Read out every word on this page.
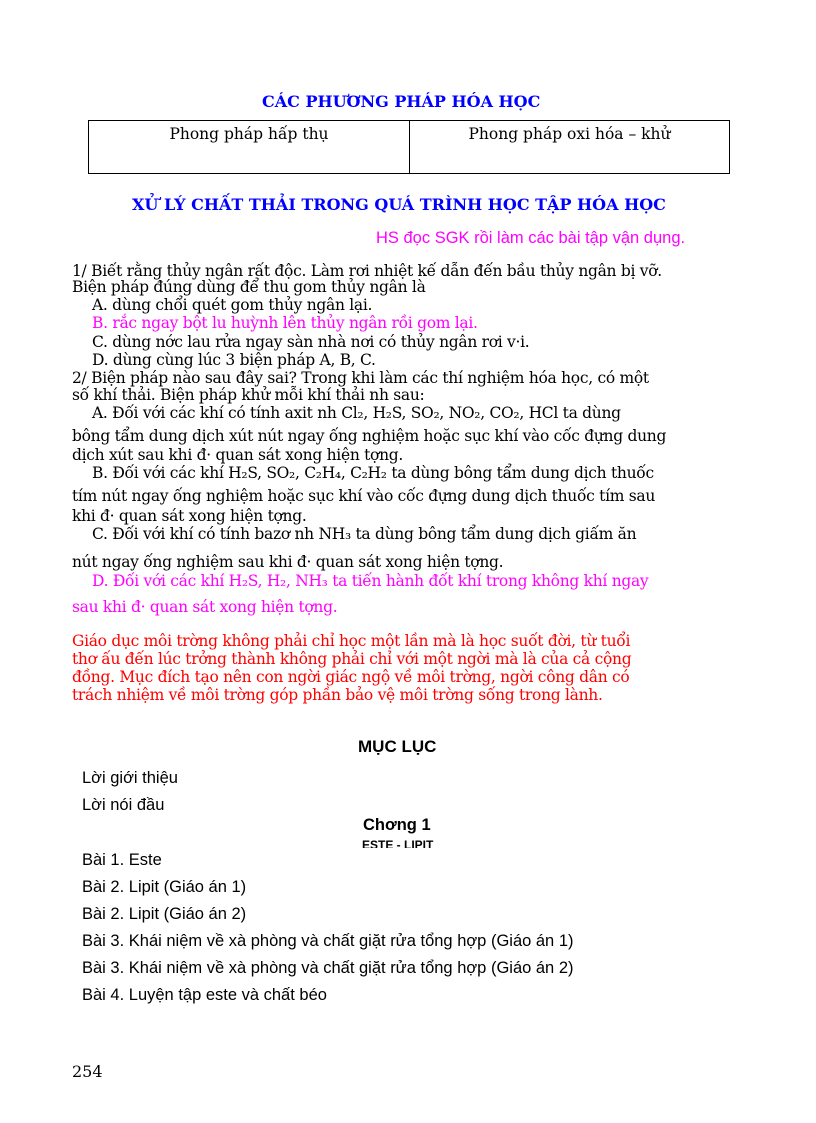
CÁC PHƯƠNG PHÁP HÓA HỌC
Phong pháp hấp thụ	Phong pháp oxi hóa – khử
XỬ LÝ CHẤT THẢI TRONG QUÁ TRÌNH HỌC TẬP HÓA HỌC
HS đọc SGK rồi làm các bài tập vận dụng.
1/ Biết rằng thủy ngân rất độc. Làm rơi nhiệt kế dẫn đến bầu thủy ngân bị vỡ.
Biện pháp đúng dùng để thu gom thủy ngân là
A. dùng chổi quét gom thủy ngân lại.
B. rắc ngay bột lu huỳnh lên thủy ngân rồi gom lại.
C. dùng nớc lau rửa ngay sàn nhà nơi có thủy ngân rơi v·i.
D. dùng cùng lúc 3 biện pháp A, B, C.
2/ Biện pháp nào sau đây sai? Trong khi làm các thí nghiệm hóa học, có một
số khí thải. Biện pháp khử mỗi khí thải nh sau:
A. Đối với các khí có tính axit nh Cl₂, H₂S, SO₂, NO₂, CO₂, HCl ta dùng
bông tẩm dung dịch xút nút ngay ống nghiệm hoặc sục khí vào cốc đựng dung
dịch xút sau khi đ· quan sát xong hiện tợng.
B. Đối với các khí H₂S, SO₂, C₂H₄, C₂H₂ ta dùng bông tẩm dung dịch thuốc
tím nút ngay ống nghiệm hoặc sục khí vào cốc đựng dung dịch thuốc tím sau
khi đ· quan sát xong hiện tợng.
C. Đối với khí có tính bazơ nh NH₃ ta dùng bông tẩm dung dịch giấm ăn
nút ngay ống nghiệm sau khi đ· quan sát xong hiện tợng.
D. Đối với các khí H₂S, H₂, NH₃ ta tiến hành đốt khí trong không khí ngay
sau khi đ· quan sát xong hiện tợng.
Giáo dục môi trờng không phải chỉ học một lần mà là học suốt đời, từ tuổi
thơ ấu đến lúc trởng thành không phải chỉ với một ngời mà là của cả cộng
đồng. Mục đích tạo nên con ngời giác ngộ về môi trờng, ngời công dân có
trách nhiệm về môi trờng góp phần bảo vệ môi trờng sống trong lành.
MỤC LỤC
Lời giới thiệu
Lời nói đầu
Chơng 1
ESTE - LIPIT
Bài 1. Este
Bài 2. Lipit (Giáo án 1)
Bài 2. Lipit (Giáo án 2)
Bài 3. Khái niệm về xà phòng và chất giặt rửa tổng hợp (Giáo án 1)
Bài 3. Khái niệm về xà phòng và chất giặt rửa tổng hợp (Giáo án 2)
Bài 4. Luyện tập este và chất béo
254
